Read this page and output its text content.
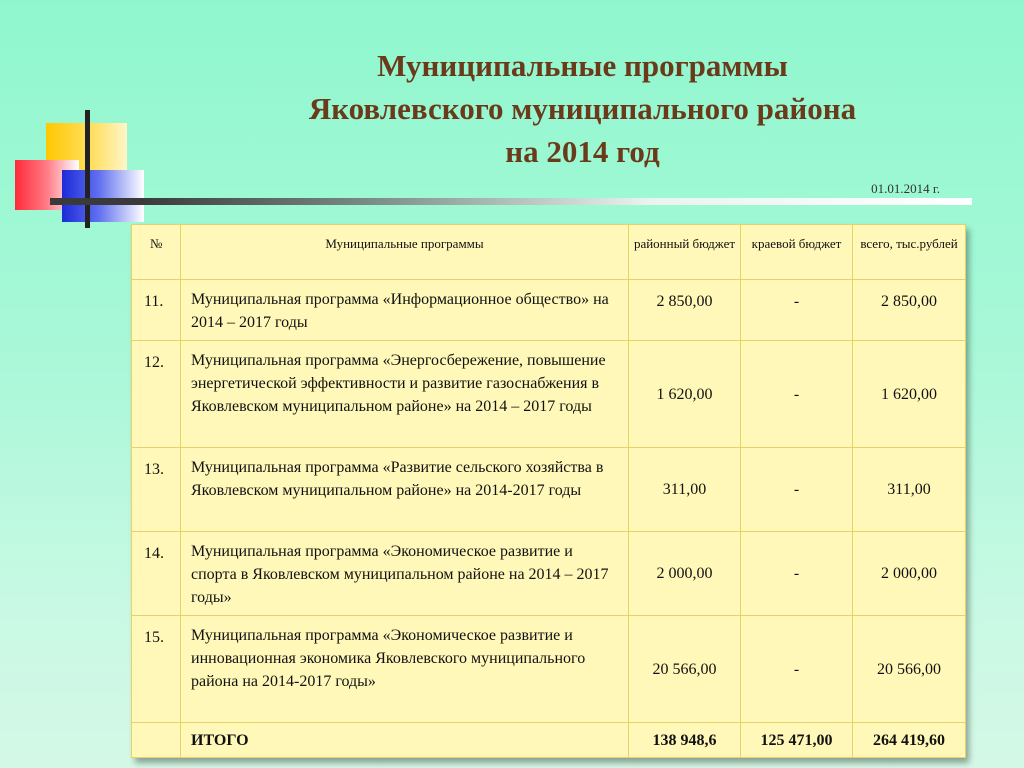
Муниципальные программы
Яковлевского муниципального района
на 2014 год
01.01.2014 г.
№	Муниципальные программы	районный бюджет	краевой бюджет	всего, тыс.рублей
11.	Муниципальная программа «Информационное общество» на 2014 – 2017 годы	2 850,00	-	2 850,00
12.	Муниципальная программа «Энергосбережение, повышение энергетической эффективности и развитие газоснабжения в Яковлевском муниципальном районе» на 2014 – 2017 годы	1 620,00	-	1 620,00
13.	Муниципальная программа «Развитие сельского хозяйства в Яковлевском муниципальном районе» на 2014-2017 годы	311,00	-	311,00
14.	Муниципальная программа «Экономическое развитие и спорта в Яковлевском муниципальном районе на 2014 – 2017 годы»	2 000,00	-	2 000,00
15.	Муниципальная программа «Экономическое развитие и инновационная экономика Яковлевского муниципального района на 2014-2017 годы»	20 566,00	-	20 566,00
	ИТОГО	138 948,6	125 471,00	264 419,60
